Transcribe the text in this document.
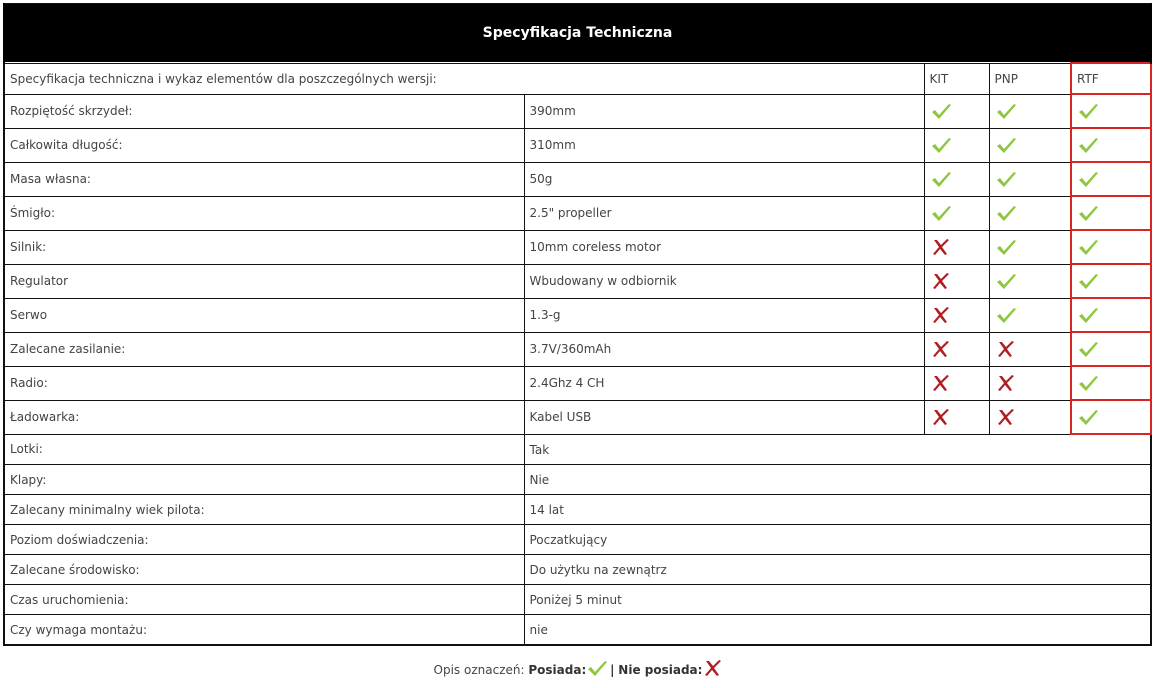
Specyfikacja Techniczna				
Specyfikacja techniczna i wykaz elementów dla poszczególnych wersji:		KIT	PNP	RTF
Rozpiętość skrzydeł:	390mm	

Całkowita długość:	310mm	

Masa własna:	50g	

Śmigło:	2.5" propeller	

Silnik:	10mm coreless motor	

Regulator	Wbudowany w odbiornik	

Serwo	1.3-g	

Zalecane zasilanie:	3.7V/360mAh	

Radio:	2.4Ghz 4 CH	

Ładowarka:	Kabel USB	

Lotki:	Tak			
Klapy:	Nie			
Zalecany minimalny wiek pilota:	14 lat			
Poziom doświadczenia:	Poczatkujący			
Zalecane środowisko:	Do użytku na zewnątrz			
Czas uruchomienia:	Poniżej 5 minut			
Czy wymaga montażu:	nie			
Opis oznaczeń: Posiada: | Nie posiada:
